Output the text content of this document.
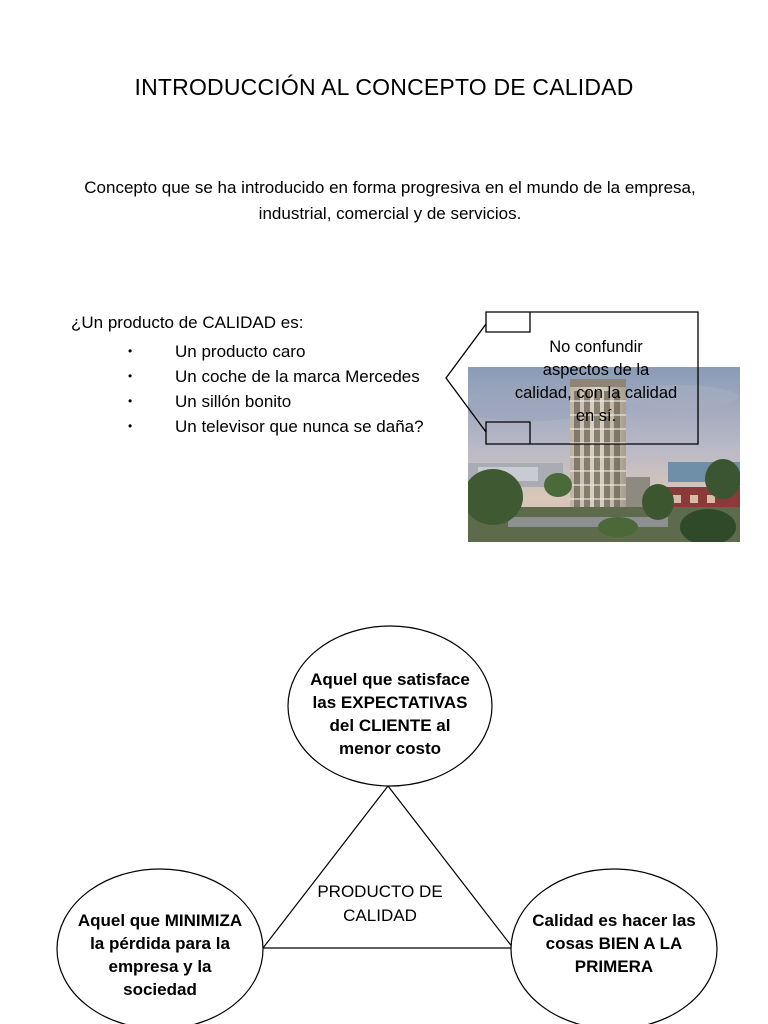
INTRODUCCIÓN AL CONCEPTO DE CALIDAD
Concepto que se ha introducido en forma progresiva en el mundo de la empresa,
industrial, comercial y de servicios.
¿Un producto de CALIDAD es:
•	Un producto caro
•	Un coche de la marca Mercedes
•	Un sillón bonito
•	Un televisor que nunca se daña?
No confundir
aspectos de la
calidad, con la calidad
en sí.
Aquel que satisface
las EXPECTATIVAS
del CLIENTE al
menor costo
Aquel que MINIMIZA
la pérdida para la
empresa y la
sociedad
Calidad es hacer las
cosas BIEN A LA
PRIMERA
PRODUCTO DE
CALIDAD
